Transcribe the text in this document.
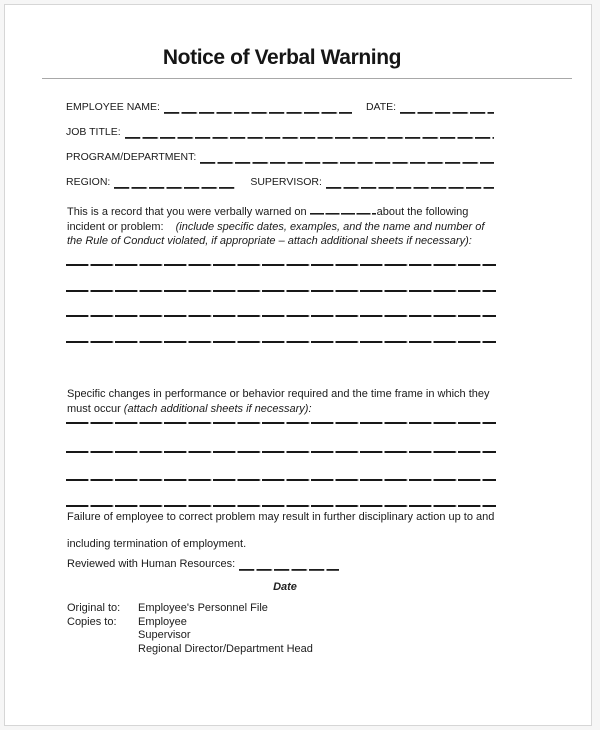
Notice of Verbal Warning
EMPLOYEE NAME:	DATE:
JOB TITLE:
PROGRAM/DEPARTMENT:
REGION:	SUPERVISOR:
This is a record that you were verbally warned on	about the following incident or problem: (include specific dates, examples, and the name and number of the Rule of Conduct violated, if appropriate – attach additional sheets if necessary):
Specific changes in performance or behavior required and the time frame in which they must occur (attach additional sheets if necessary):
Failure of employee to correct problem may result in further disciplinary action up to and
including termination of employment.
Reviewed with Human Resources:
Date
Original to:	Employee's Personnel File
Copies to:	Employee
Supervisor
Regional Director/Department Head
